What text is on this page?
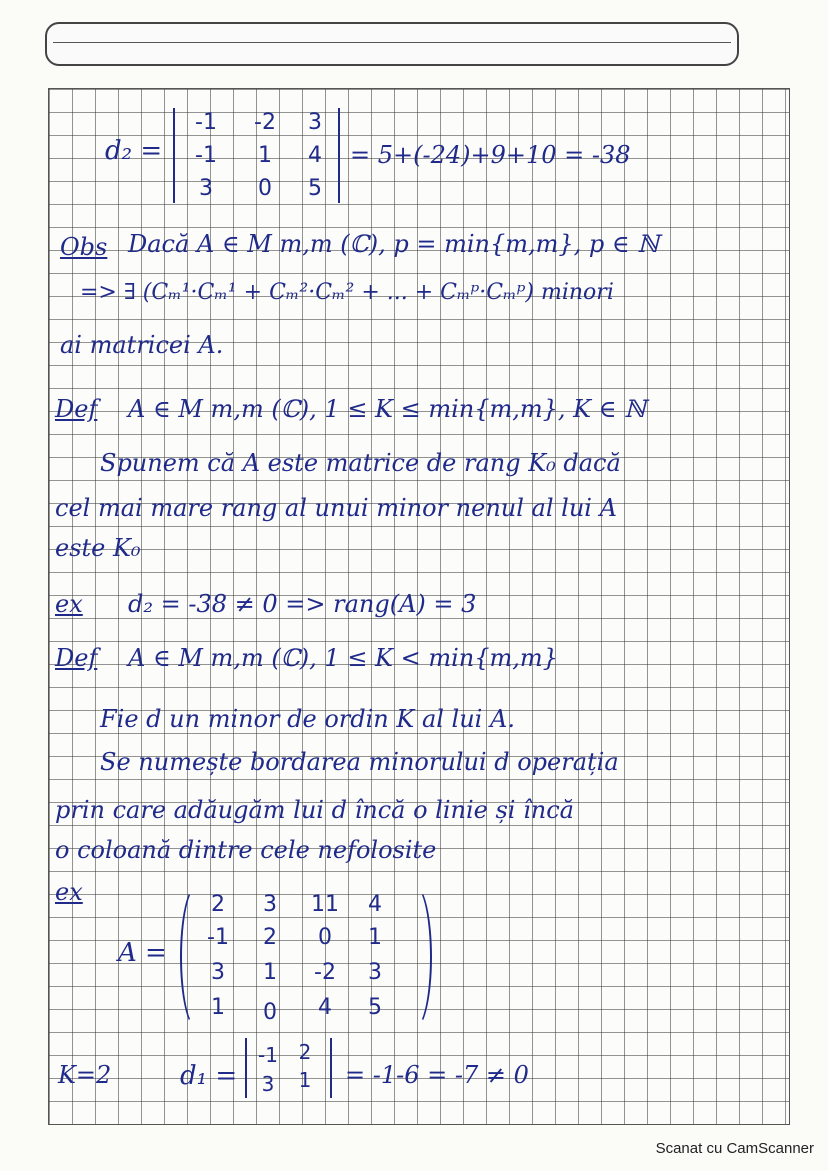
d₂ =
-1	-2	3
-1	1	4
3	0	5
= 5+(-24)+9+10 = -38
Obs Dacă A ∈ M m,m (ℂ), p = min{m,m}, p ∈ ℕ
=> ∃ (Cₘ¹·Cₘ¹ + Cₘ²·Cₘ² + ... + Cₘᵖ·Cₘᵖ) minori
ai matricei A.
Def A ∈ M m,m (ℂ), 1 ≤ K ≤ min{m,m}, K ∈ ℕ
Spunem că A este matrice de rang K₀ dacă
cel mai mare rang al unui minor nenul al lui A
este K₀
ex d₂ = -38 ≠ 0 => rang(A) = 3
Def A ∈ M m,m (ℂ), 1 ≤ K < min{m,m}
Fie d un minor de ordin K al lui A.
Se numește bordarea minorului d operația
prin care adăugăm lui d încă o linie și încă
o coloană dintre cele nefolosite
ex
A =
2	3	11	4
-1	2	0	1
3	1	-2	3
1	0	4	5
K=2	d₁ =
-1	2
3	1	= -1-6 = -7 ≠ 0
Scanat cu CamScanner
